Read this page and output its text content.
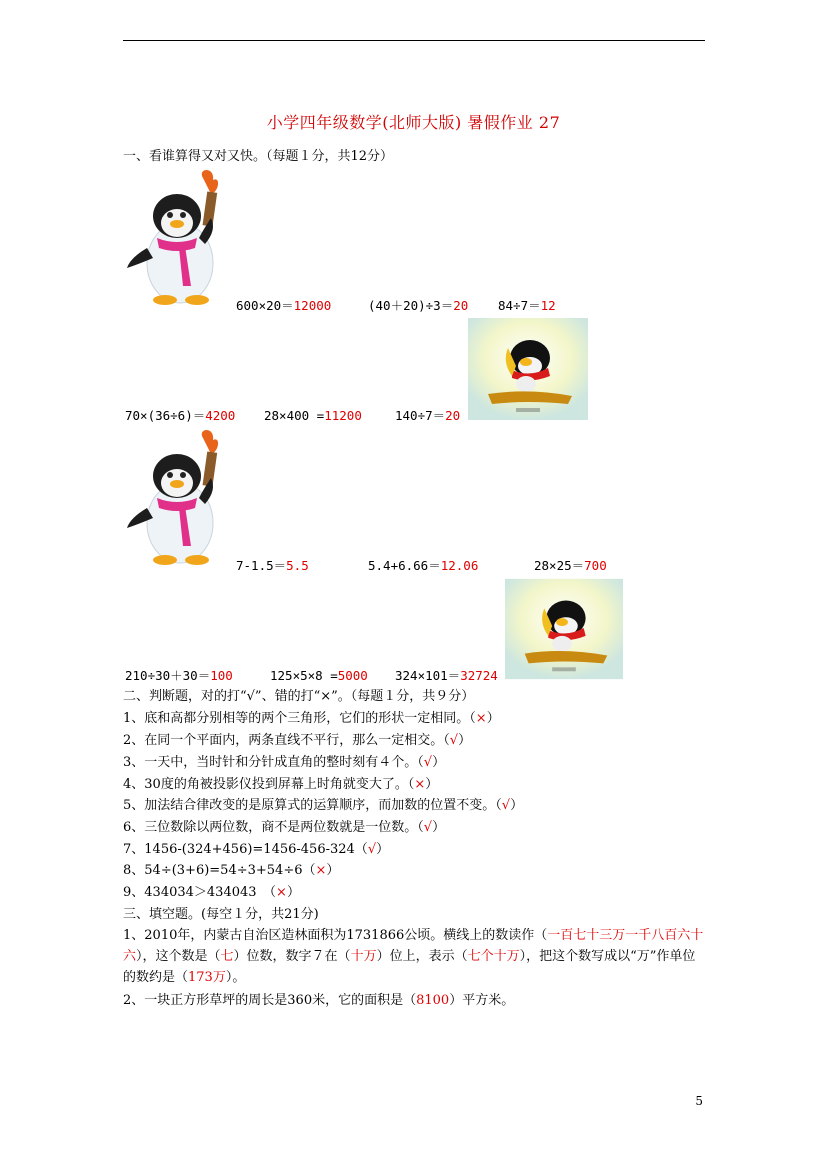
小学四年级数学(北师大版) 暑假作业 27
一、看谁算得又对又快。（每题１分，共12分）
600×20＝12000	(40＋20)÷3＝20 84÷7＝12
70×(36÷6)＝4200 28×400 =11200	140÷7＝20
7-1.5＝5.5	5.4+6.66＝12.06	28×25＝700
210÷30＋30＝100	125×5×8 =5000 324×101＝32724
二、判断题，对的打“√”、错的打“×”。（每题１分，共９分）
1、底和高都分别相等的两个三角形，它们的形状一定相同。（×）
2、在同一个平面内，两条直线不平行，那么一定相交。（√）
3、一天中，当时针和分针成直角的整时刻有４个。（√）
4、30度的角被投影仪投到屏幕上时角就变大了。（×）
5、加法结合律改变的是原算式的运算顺序，而加数的位置不变。（√）
6、三位数除以两位数，商不是两位数就是一位数。（√）
7、1456-(324+456)=1456-456-324（√）
8、54÷(3+6)=54÷3+54÷6（×）
9、434034＞434043　（×）
三、填空题。(每空１分，共21分)
1、2010年，内蒙古自治区造林面积为1731866公顷。横线上的数读作（一百七十三万一千八百六十六），这个数是（七）位数，数字７在（十万）位上，表示（七个十万），把这个数写成以“万”作单位的数约是（173万）。
2、一块正方形草坪的周长是360米，它的面积是（8100）平方米。
5
